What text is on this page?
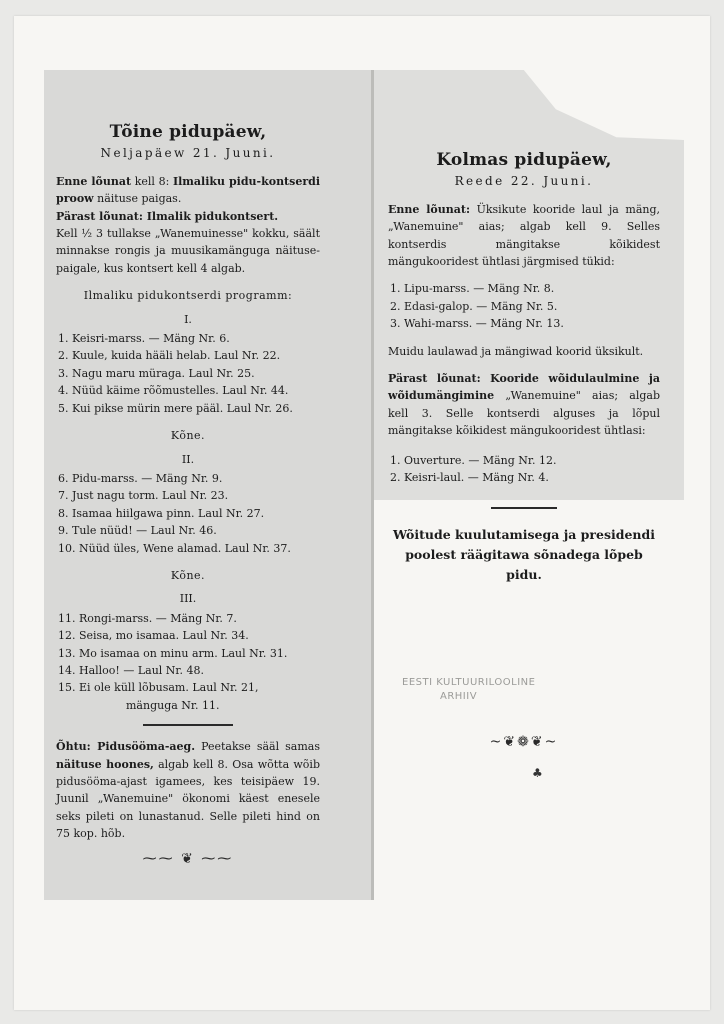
Tõine pidupäew,
Neljapäew 21. Juuni.
Enne lõunat kell 8: Ilmaliku pidu-kontserdi proow näituse paigas.
Pärast lõunat: Ilmalik pidukontsert.
Kell ½ 3 tullakse „Wanemuinesse" kokku, säält minnakse rongis ja muusikamänguga näituse-paigale, kus kontsert kell 4 algab.
Ilmaliku pidukontserdi programm:
I.
1. Keisri-marss. — Mäng Nr. 6.
2. Kuule, kuida hääli helab. Laul Nr. 22.
3. Nagu maru müraga. Laul Nr. 25.
4. Nüüd käime rõõmustelles. Laul Nr. 44.
5. Kui pikse mürin mere pääl. Laul Nr. 26.
Kõne.
II.
6. Pidu-marss. — Mäng Nr. 9.
7. Just nagu torm. Laul Nr. 23.
8. Isamaa hiilgawa pinn. Laul Nr. 27.
9. Tule nüüd! — Laul Nr. 46.
10. Nüüd üles, Wene alamad. Laul Nr. 37.
Kõne.
III.
11. Rongi-marss. — Mäng Nr. 7.
12. Seisa, mo isamaa. Laul Nr. 34.
13. Mo isamaa on minu arm. Laul Nr. 31.
14. Halloo! — Laul Nr. 48.
15. Ei ole küll lõbusam. Laul Nr. 21,
mänguga Nr. 11.
Õhtu: Pidusööma-aeg. Peetakse sääl samas näituse hoones, algab kell 8. Osa wõtta wõib pidusööma-ajast igamees, kes teisipäew 19. Juunil „Wanemuine" ökonomi käest enesele seks pileti on lunastanud. Selle pileti hind on 75 kop. hõb.
⁓⁓ ❦ ⁓⁓
Kolmas pidupäew,
Reede 22. Juuni.
Enne lõunat: Üksikute kooride laul ja mäng, „Wanemuine" aias; algab kell 9. Selles kontserdis mängitakse kõikidest mängukooridest ühtlasi järgmised tükid:
1. Lipu-marss. — Mäng Nr. 8.
2. Edasi-galop. — Mäng Nr. 5.
3. Wahi-marss. — Mäng Nr. 13.
Muidu laulawad ja mängiwad koorid üksikult.
Pärast lõunat: Kooride wõidulaulmine ja wõidumängimine „Wanemuine" aias; algab kell 3. Selle kontserdi alguses ja lõpul mängitakse kõikidest mängukooridest ühtlasi:
1. Ouverture. — Mäng Nr. 12.
2. Keisri-laul. — Mäng Nr. 4.
Wõitude kuulutamisega ja presidendi poolest räägitawa sõnadega lõpeb pidu.
EESTI KULTUURILOOLINE
ARHIIV
~❦❁❦~
♣
